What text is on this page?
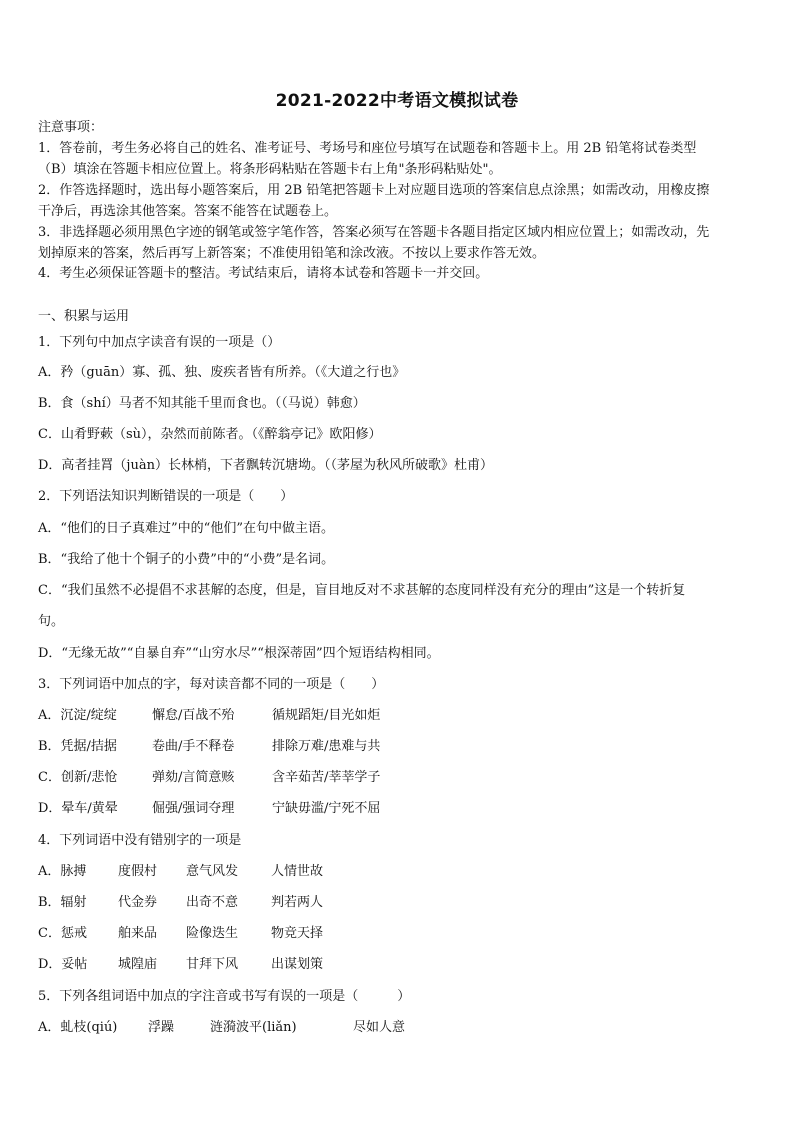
2021-2022中考语文模拟试卷
注意事项：
1．答卷前，考生务必将自己的姓名、准考证号、考场号和座位号填写在试题卷和答题卡上。用 2B 铅笔将试卷类型
（B）填涂在答题卡相应位置上。将条形码粘贴在答题卡右上角"条形码粘贴处"。
2．作答选择题时，选出每小题答案后，用 2B 铅笔把答题卡上对应题目选项的答案信息点涂黑；如需改动，用橡皮擦
干净后，再选涂其他答案。答案不能答在试题卷上。
3．非选择题必须用黑色字迹的钢笔或签字笔作答，答案必须写在答题卡各题目指定区域内相应位置上；如需改动，先
划掉原来的答案，然后再写上新答案；不准使用铅笔和涂改液。不按以上要求作答无效。
4．考生必须保证答题卡的整洁。考试结束后，请将本试卷和答题卡一并交回。
一、积累与运用
1．下列句中加点字读音有误的一项是（）
A．矜（guān）寡、孤、独、废疾者皆有所养。（《大道之行也》
B．食（shí）马者不知其能千里而食也。（（马说）韩愈）
C．山肴野蔌（sù），杂然而前陈者。（《醉翁亭记》欧阳修）
D．高者挂罥（juàn）长林梢，下者飘转沉塘坳。（（茅屋为秋风所破歌》杜甫）
2．下列语法知识判断错误的一项是（　　）
A．“他们的日子真难过”中的“他们”在句中做主语。
B．“我给了他十个铜子的小费”中的“小费”是名词。
C．“我们虽然不必提倡不求甚解的态度，但是，盲目地反对不求甚解的态度同样没有充分的理由”这是一个转折复
句。
D．“无缘无故”“自暴自弃”“山穷水尽”“根深蒂固”四个短语结构相同。
3．下列词语中加点的字，每对读音都不同的一项是（　　）
A．沉淀/绽绽	懈怠/百战不殆	循规蹈矩/目光如炬
B．凭据/拮据	卷曲/手不释卷	排除万难/患难与共
C．创新/悲怆	弹劾/言简意赅	含辛茹苦/莘莘学子
D．晕车/黄晕	倔强/强词夺理	宁缺毋滥/宁死不屈
4．下列词语中没有错别字的一项是
A．脉搏 度假村 意气风发	人情世故
B．辐射 代金券 出奇不意	判若两人
C．惩戒 舶来品 险像迭生	物竞天择
D．妥帖 城隍庙 甘拜下风	出谋划策
5．下列各组词语中加点的字注音或书写有误的一项是（　　　）
A．虬枝(qiú) 浮躁	涟漪波平(liǎn)	尽如人意
